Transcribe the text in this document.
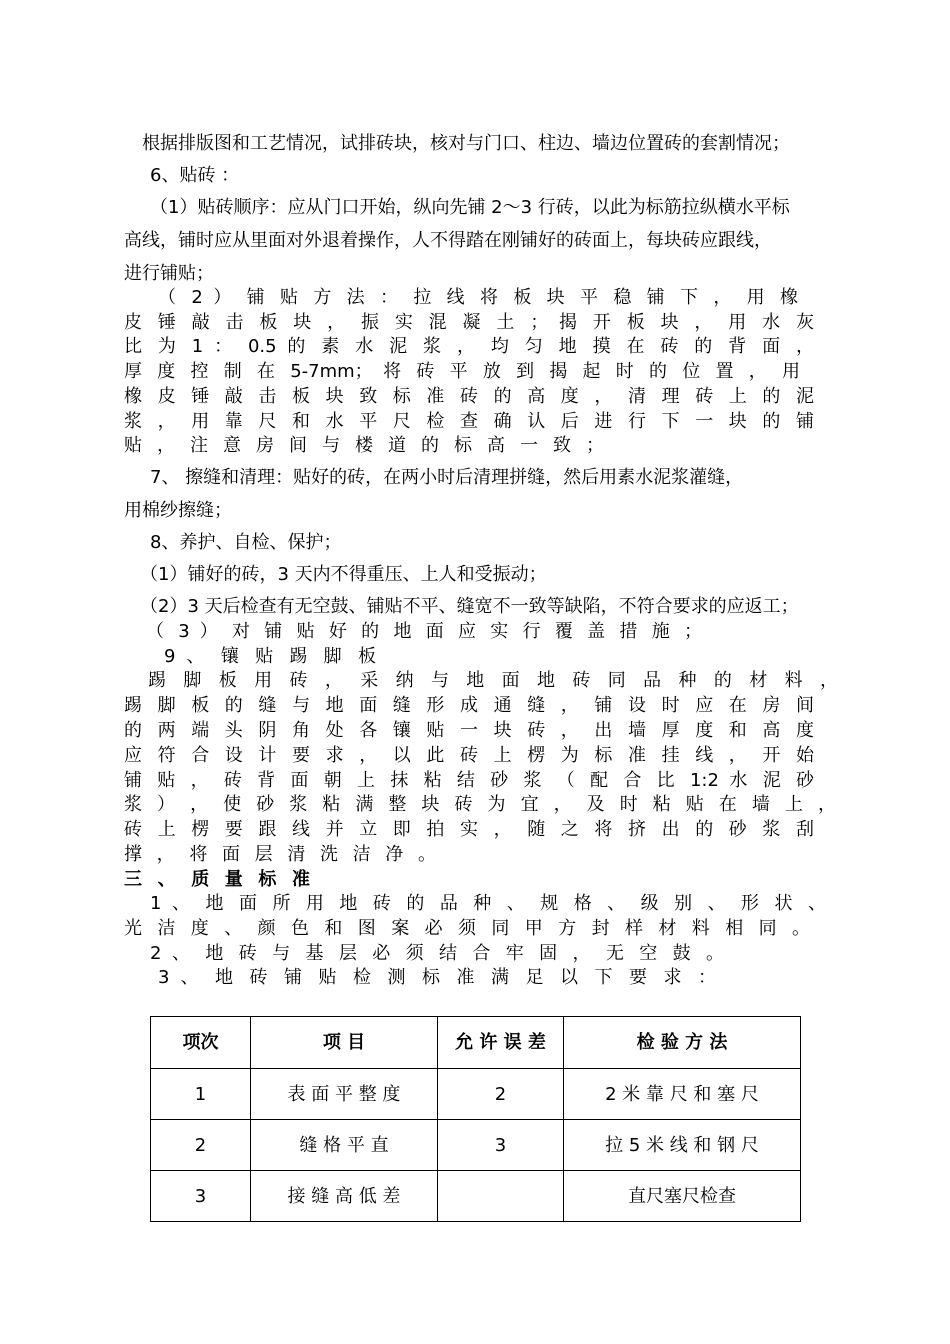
根据排版图和工艺情况，试排砖块，核对与门口、柱边、墙边位置砖的套割情况；
6、贴砖 ：
（1）贴砖顺序：应从门口开始，纵向先铺 2～3 行砖，以此为标筋拉纵横水平标
高线，铺时应从里面对外退着操作，人不得踏在刚铺好的砖面上，每块砖应跟线，
进行铺贴；
（ 2 ） 铺 贴 方 法 ： 拉 线 将 板 块 平 稳 铺 下 ， 用 橡
皮 锤 敲 击 板 块 ， 振 实 混 凝 土 ； 揭 开 板 块 ， 用 水 灰
比 为 1 ： 0.5 的 素 水 泥 浆 ， 均 匀 地 摸 在 砖 的 背 面 ，
厚 度 控 制 在 5-7mm； 将 砖 平 放 到 揭 起 时 的 位 置 ， 用
橡 皮 锤 敲 击 板 块 致 标 准 砖 的 高 度 ， 清 理 砖 上 的 泥
浆 ， 用 靠 尺 和 水 平 尺 检 查 确 认 后 进 行 下 一 块 的 铺
贴 ， 注 意 房 间 与 楼 道 的 标 高 一 致 ；
7、 擦缝和清理：贴好的砖，在两小时后清理拼缝，然后用素水泥浆灌缝，
用棉纱擦缝；
8、养护、自检、保护；
（1）铺好的砖，3 天内不得重压、上人和受振动；
（2）3 天后检查有无空鼓、铺贴不平、缝宽不一致等缺陷，不符合要求的应返工；
（ 3 ） 对 铺 贴 好 的 地 面 应 实 行 覆 盖 措 施 ；
9 、 镶 贴 踢 脚 板
踢 脚 板 用 砖 ， 采 纳 与 地 面 地 砖 同 品 种 的 材 料 ，
踢 脚 板 的 缝 与 地 面 缝 形 成 通 缝 ， 铺 设 时 应 在 房 间
的 两 端 头 阴 角 处 各 镶 贴 一 块 砖 ， 出 墙 厚 度 和 高 度
应 符 合 设 计 要 求 ， 以 此 砖 上 楞 为 标 准 挂 线 ， 开 始
铺 贴 ， 砖 背 面 朝 上 抹 粘 结 砂 浆 （ 配 合 比 1:2 水 泥 砂
浆 ） ， 使 砂 浆 粘 满 整 块 砖 为 宜 ， 及 时 粘 贴 在 墙 上 ，
砖 上 楞 要 跟 线 并 立 即 拍 实 ， 随 之 将 挤 出 的 砂 浆 刮
撑 ， 将 面 层 清 洗 洁 净 。
三 、 质 量 标 准
1 、 地 面 所 用 地 砖 的 品 种 、 规 格 、 级 别 、 形 状 、
光 洁 度 、 颜 色 和 图 案 必 须 同 甲 方 封 样 材 料 相 同 。
2 、 地 砖 与 基 层 必 须 结 合 牢 固 ， 无 空 鼓 。
3 、 地 砖 铺 贴 检 测 标 准 满 足 以 下 要 求 ：
项次	项 目	允 许 误 差	检 验 方 法
1	表 面 平 整 度	2	2 米 靠 尺 和 塞 尺
2	缝 格 平 直	3	拉 5 米 线 和 钢 尺
3	接 缝 高 低 差		直尺塞尺检查
